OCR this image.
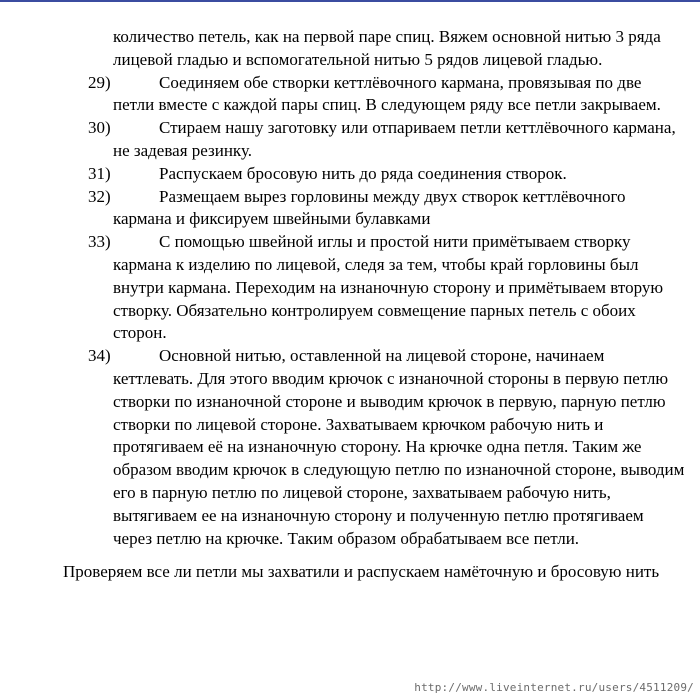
количество петель, как на первой паре спиц. Вяжем основной нитью 3 ряда лицевой гладью и вспомогательной нитью 5 рядов лицевой гладью.
29)	Соединяем обе створки кеттлёвочного кармана, провязывая по две петли вместе с каждой пары спиц. В следующем ряду все петли закрываем.
30)	Стираем нашу заготовку или отпариваем петли кеттлёвочного кармана, не задевая резинку.
31)	Распускаем бросовую нить до ряда соединения створок.
32)	Размещаем вырез горловины между двух створок кеттлёвочного кармана и фиксируем швейными булавками
33)	С помощью швейной иглы и простой нити примётываем створку кармана к изделию по лицевой, следя за тем, чтобы край горловины был внутри кармана. Переходим на изнаночную сторону и примётываем вторую створку. Обязательно контролируем совмещение парных петель с обоих сторон.
34)	Основной нитью, оставленной на лицевой стороне, начинаем кеттлевать. Для этого вводим крючок с изнаночной стороны в первую петлю створки по изнаночной стороне и выводим крючок в первую, парную петлю створки по лицевой стороне. Захватываем крючком рабочую нить и протягиваем её на изнаночную сторону. На крючке одна петля. Таким же образом вводим крючок в следующую петлю по изнаночной стороне, выводим его в парную петлю по лицевой стороне, захватываем рабочую нить, вытягиваем ее на изнаночную сторону и полученную петлю протягиваем через петлю на крючке. Таким образом обрабатываем все петли.
Проверяем все ли петли мы захватили и распускаем намёточную и бросовую нить
http://www.liveinternet.ru/users/4511209/
